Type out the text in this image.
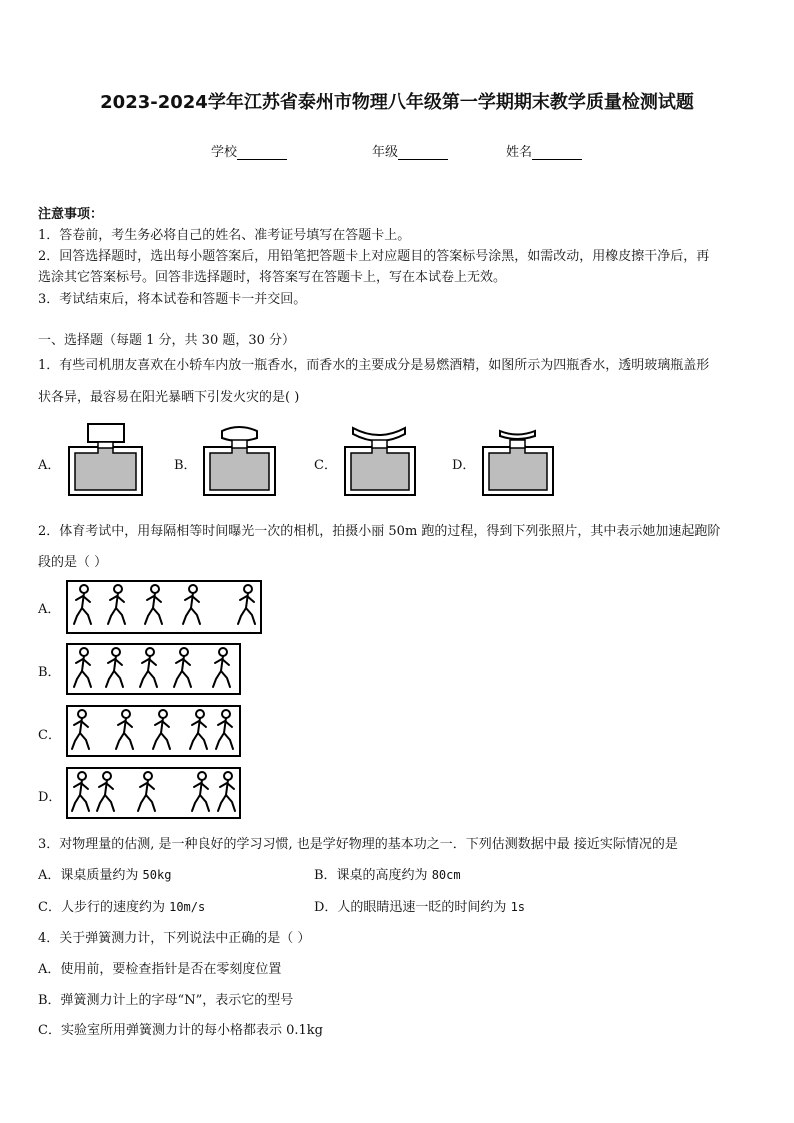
2023-2024学年江苏省泰州市物理八年级第一学期期末教学质量检测试题
学校	年级	姓名
注意事项：
1．答卷前，考生务必将自己的姓名、准考证号填写在答题卡上。
2．回答选择题时，选出每小题答案后，用铅笔把答题卡上对应题目的答案标号涂黑，如需改动，用橡皮擦干净后，再
选涂其它答案标号。回答非选择题时，将答案写在答题卡上，写在本试卷上无效。
3．考试结束后，将本试卷和答题卡一并交回。
一、选择题（每题 1 分，共 30 题，30 分）
1．有些司机朋友喜欢在小轿车内放一瓶香水，而香水的主要成分是易燃酒精，如图所示为四瓶香水，透明玻璃瓶盖形
状各异，最容易在阳光暴晒下引发火灾的是( )
A．	B．	C．	D．
2．体育考试中，用每隔相等时间曝光一次的相机，拍摄小丽 50m 跑的过程，得到下列张照片，其中表示她加速起跑阶
段的是（ ）
A．
B．
C．
D．
3．对物理量的估测, 是一种良好的学习习惯, 也是学好物理的基本功之一．下列估测数据中最 接近实际情况的是
A．课桌质量约为 50kg	B．课桌的高度约为 80cm
C．人步行的速度约为 10m/s	D．人的眼睛迅速一眨的时间约为 1s
4．关于弹簧测力计，下列说法中正确的是（ ）
A．使用前，要检查指针是否在零刻度位置
B．弹簧测力计上的字母“N”，表示它的型号
C．实验室所用弹簧测力计的每小格都表示 0.1kg
